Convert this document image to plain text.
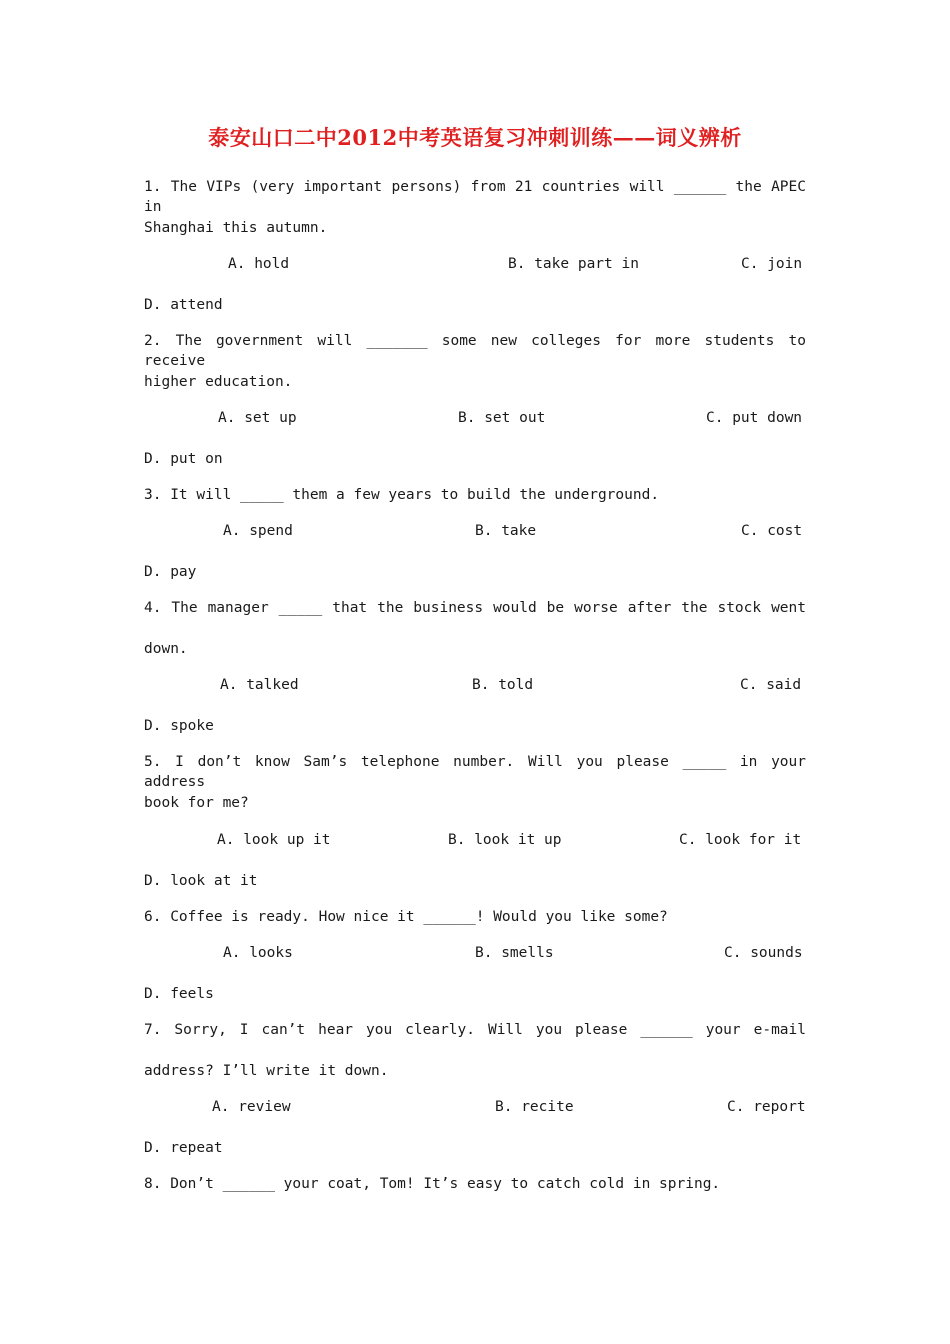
泰安山口二中2012中考英语复习冲刺训练——词义辨析
1. The VIPs (very important persons) from 21 countries will ______ the APEC in
Shanghai this autumn.
A. hold	B. take part in	C. join
D. attend
2. The government will _______ some new colleges for more students to receive
higher education.
A. set up	B. set out	C. put down
D. put on
3. It will _____ them a few years to build the underground.
A. spend	B. take	C. cost
D. pay
4. The manager _____ that the business would be worse after the stock went
down.
A. talked	B. told	C. said
D. spoke
5. I don’t know Sam’s telephone number. Will you please _____ in your address
book for me?
A. look up it	B. look it up	C. look for it
D. look at it
6. Coffee is ready. How nice it ______! Would you like some?
A. looks	B. smells	C. sounds
D. feels
7. Sorry, I can’t hear you clearly. Will you please ______ your e-mail
address? I’ll write it down.
A. review	B. recite	C. report
D. repeat
8. Don’t ______ your coat, Tom! It’s easy to catch cold in spring.
